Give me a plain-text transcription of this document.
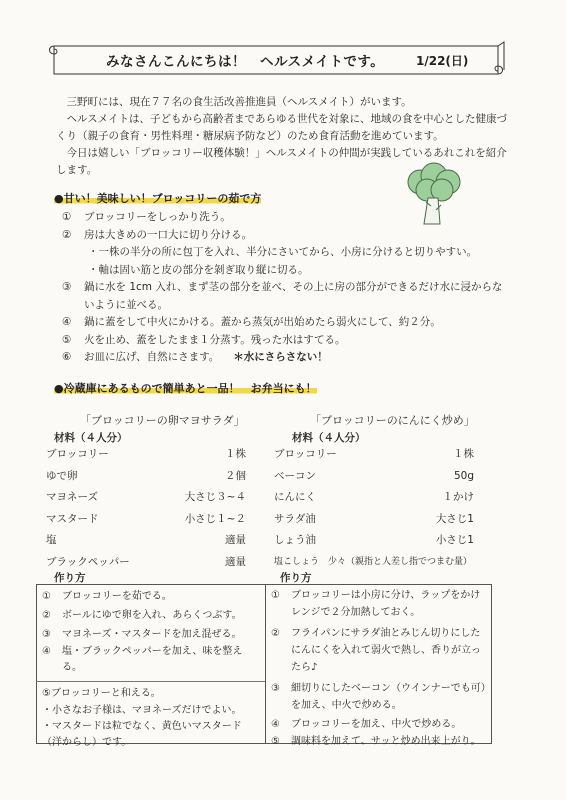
みなさんこんにちは！　ヘルスメイトです。	1/22(日)

三野町には、現在７７名の食生活改善推進員（ヘルスメイト）がいます。

ヘルスメイトは、子どもから高齢者まであらゆる世代を対象に、地域の食を中心とした健康づくり（親子の食育・男性料理・糖尿病予防など）のため食育活動を進めています。

今日は嬉しい「ブロッコリー収穫体験！」ヘルスメイトの仲間が実践しているあれこれを紹介します。

●甘い！美味しい！ブロッコリーの茹で方
①	ブロッコリーをしっかり洗う。
②	房は大きめの一口大に切り分ける。
・一株の半分の所に包丁を入れ、半分にさいてから、小房に分けると切りやすい。
・軸は固い筋と皮の部分を剝ぎ取り縦に切る。
③	鍋に水を 1cm 入れ、まず茎の部分を並べ、その上に房の部分ができるだけ水に浸からないように並べる。
④	鍋に蓋をして中火にかける。蓋から蒸気が出始めたら弱火にして、約２分。
⑤	火を止め、蓋をしたまま１分蒸す。残った水はすてる。
⑥	お皿に広げ、自然にさます。 ＊水にさらさない！
●冷蔵庫にあるもので簡単あと一品！　お弁当にも！
「ブロッコリーの卵マヨサラダ」
材料（４人分）
ブロッコリー	１株
ゆで卵	２個
マヨネーズ	大さじ３~４
マスタード	小さじ１~２
塩	適量
ブラックペッパー	適量
「ブロッコリーのにんにく炒め」
材料（４人分）
ブロッコリー	１株
ベーコン	50g
にんにく	１かけ
サラダ油	大さじ1
しょう油	小さじ1
塩こしょう　少々（親指と人差し指でつまむ量）
作り方	作り方
①	ブロッコリーを茹でる。
②	ボールにゆで卵を入れ、あらくつぶす。
③	マヨネーズ・マスタードを加え混ぜる。
④	塩・ブラックペッパーを加え、味を整える。
⑤ブロッコリーと和える。
・小さなお子様は、マヨネーズだけでよい。
・マスタードは粒でなく、黄色いマスタード（洋からし）です。
①	ブロッコリーは小房に分け、ラップをかけレンジで２分加熱しておく。
②	フライパンにサラダ油とみじん切りにしたにんにくを入れて弱火で熱し、香りが立ったら♪
③	細切りにしたベーコン（ウインナーでも可）を加え、中火で炒める。
④	ブロッコリーを加え、中火で炒める。
⑤	調味料を加えて、サッと炒め出来上がり。
